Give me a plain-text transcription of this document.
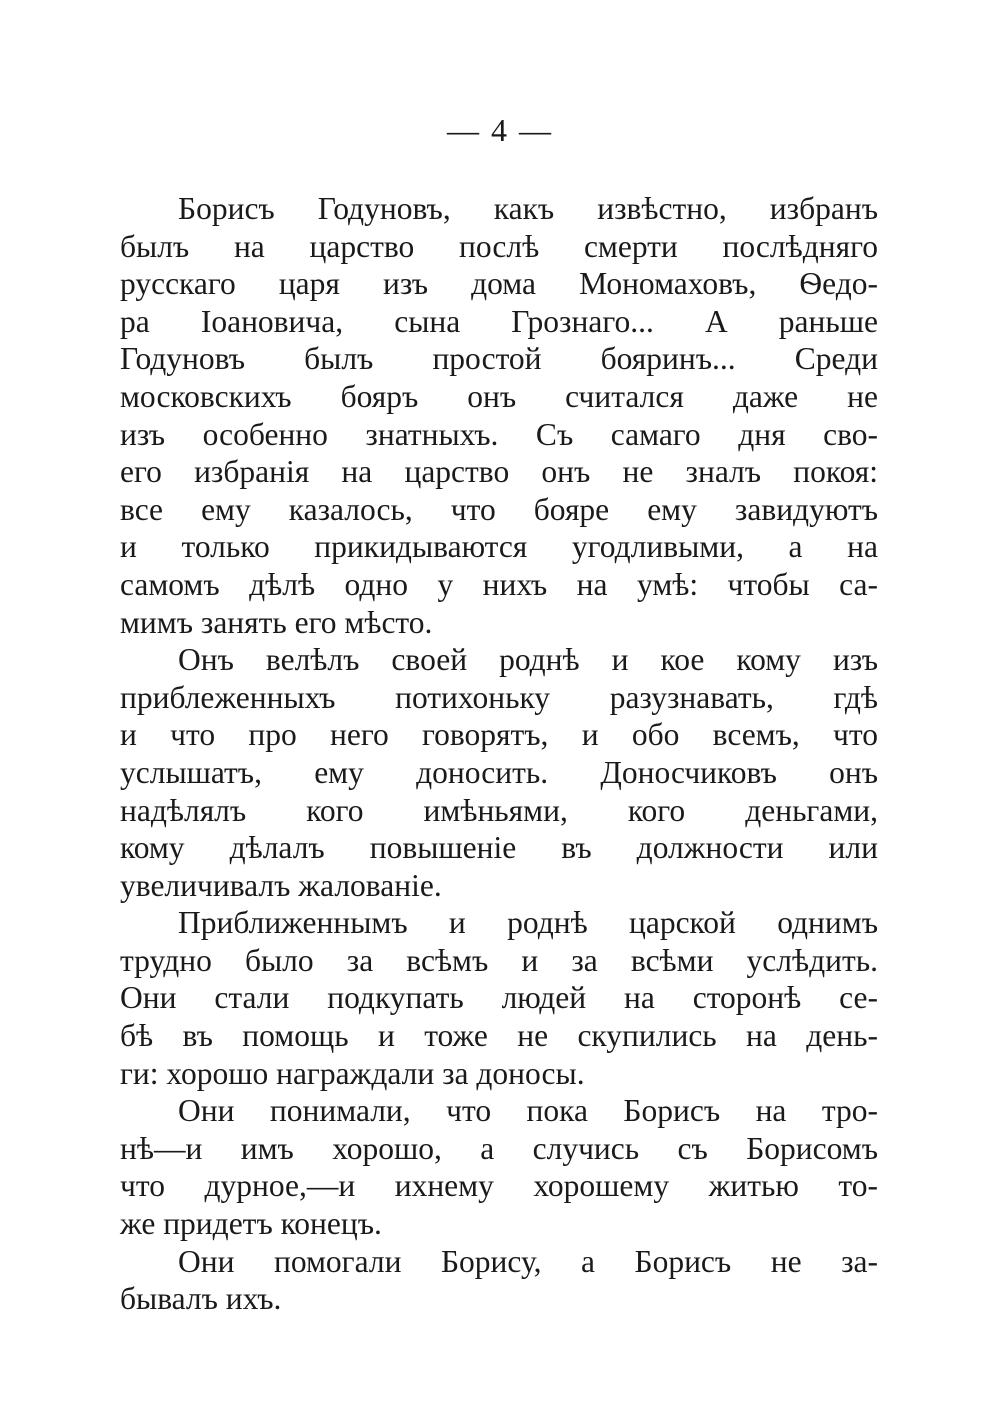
— 4 —
Борисъ Годуновъ, какъ извѣстно, избранъ
былъ на царство послѣ смерти послѣдняго
русскаго царя изъ дома Мономаховъ, Ѳедо-
ра Іоановича, сына Грознаго... А раньше
Годуновъ былъ простой бояринъ... Среди
московскихъ бояръ онъ считался даже не
изъ особенно знатныхъ. Съ самаго дня сво-
его избранія на царство онъ не зналъ покоя:
все ему казалось, что бояре ему завидуютъ
и только прикидываются угодливыми, а на
самомъ дѣлѣ одно у нихъ на умѣ: чтобы са-
мимъ занять его мѣсто.
Онъ велѣлъ своей роднѣ и кое кому изъ
приблеженныхъ потихоньку разузнавать, гдѣ
и что про него говорятъ, и обо всемъ, что
услышатъ, ему доносить. Доносчиковъ онъ
надѣлялъ кого имѣньями, кого деньгами,
кому дѣлалъ повышеніе въ должности или
увеличивалъ жалованіе.
Приближеннымъ и роднѣ царской однимъ
трудно было за всѣмъ и за всѣми услѣдить.
Они стали подкупать людей на сторонѣ се-
бѣ въ помощь и тоже не скупились на день-
ги: хорошо награждали за доносы.
Они понимали, что пока Борисъ на тро-
нѣ—и имъ хорошо, а случись съ Борисомъ
что дурное,—и ихнему хорошему житью то-
же придетъ конецъ.
Они помогали Борису, а Борисъ не за-
бывалъ ихъ.
